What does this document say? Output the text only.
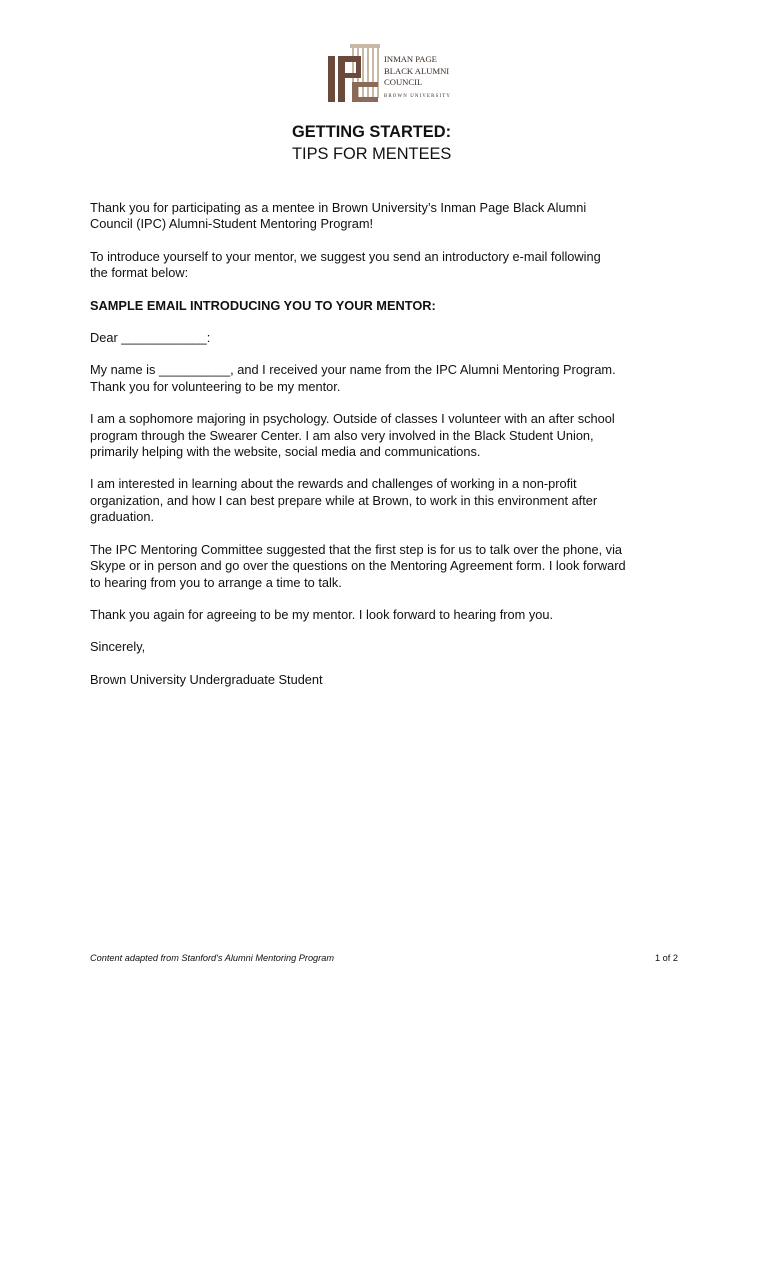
INMAN PAGE
BLACK ALUMNI
COUNCIL
BROWN UNIVERSITY
GETTING STARTED:
TIPS FOR MENTEES

Thank you for participating as a mentee in Brown University’s Inman Page Black Alumni

Council (IPC) Alumni-Student Mentoring Program!

To introduce yourself to your mentor, we suggest you send an introductory e-mail following

the format below:

SAMPLE EMAIL INTRODUCING YOU TO YOUR MENTOR:

Dear ____________:

My name is __________, and I received your name from the IPC Alumni Mentoring Program.

Thank you for volunteering to be my mentor.

I am a sophomore majoring in psychology. Outside of classes I volunteer with an after school

program through the Swearer Center. I am also very involved in the Black Student Union,

primarily helping with the website, social media and communications.

I am interested in learning about the rewards and challenges of working in a non-profit

organization, and how I can best prepare while at Brown, to work in this environment after

graduation.

The IPC Mentoring Committee suggested that the first step is for us to talk over the phone, via

Skype or in person and go over the questions on the Mentoring Agreement form. I look forward

to hearing from you to arrange a time to talk.

Thank you again for agreeing to be my mentor. I look forward to hearing from you.

Sincerely,

Brown University Undergraduate Student

Content adapted from Stanford's Alumni Mentoring Program	1 of 2
